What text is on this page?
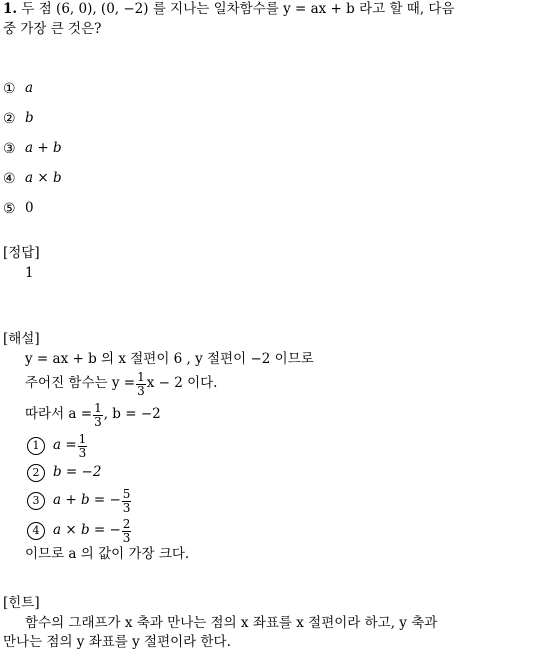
1. 두 점 (6, 0), (0, −2) 를 지나는 일차함수를 y = ax + b 라고 할 때, 다음
중 가장 큰 것은?
① a
② b
③ a + b
④ a × b
⑤ 0
[정답]
1
[해설]
y = ax + b 의 x 절편이 6 , y 절편이 −2 이므로
주어진 함수는 $y = \frac{1}{3}$ x − 2 이다.
따라서 $a = \frac{1}{3}$ , b = −2
1	$a = \frac{1}{3}$
2	b = −2
3	a + b = − $\frac{5}{3}$
4	a × b = − $\frac{2}{3}$
이므로 a 의 값이 가장 크다.
[힌트]
함수의 그래프가 x 축과 만나는 점의 x 좌표를 x 절편이라 하고, y 축과
만나는 점의 y 좌표를 y 절편이라 한다.
